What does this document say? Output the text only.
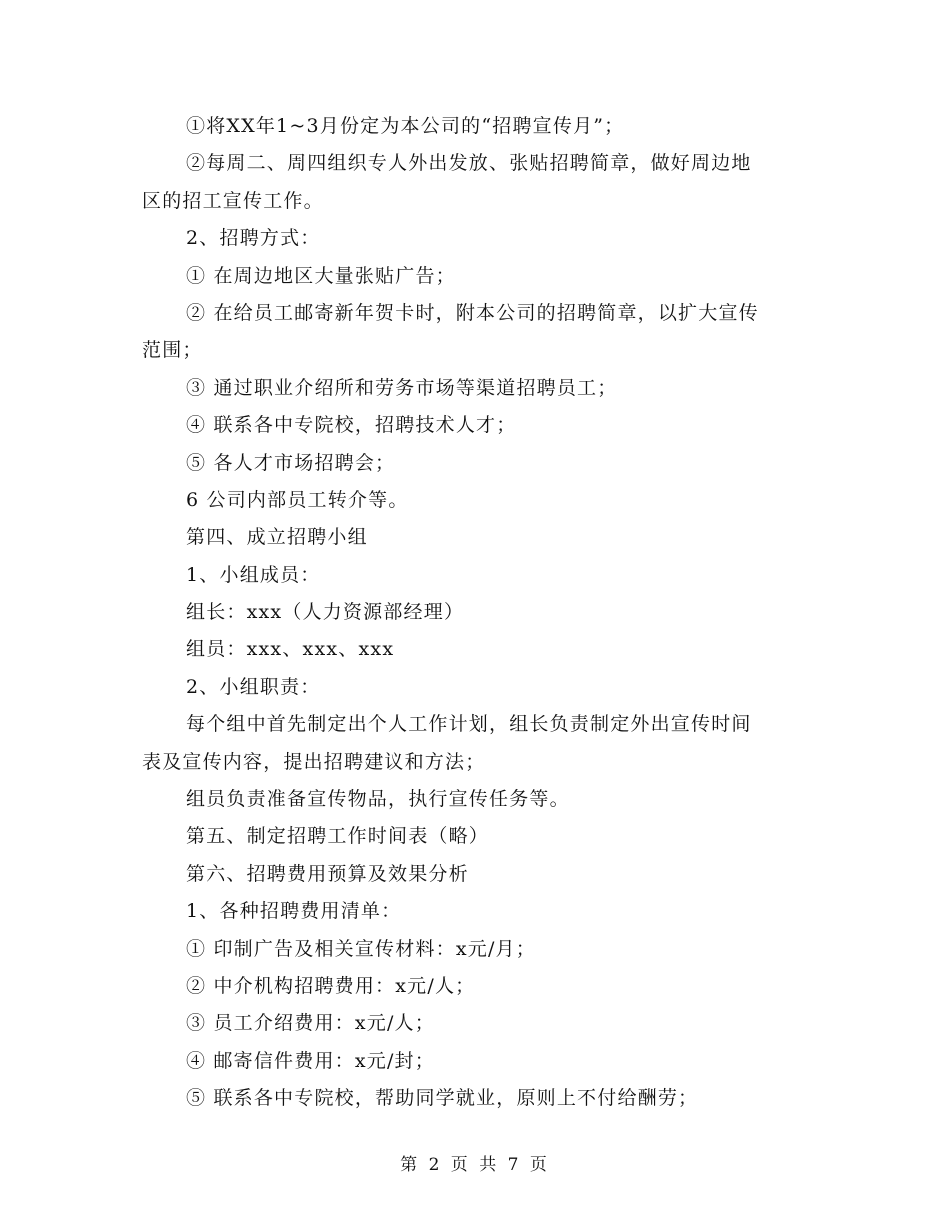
①将XX年1~3月份定为本公司的“招聘宣传月”；
②每周二、周四组织专人外出发放、张贴招聘简章，做好周边地
区的招工宣传工作。
2、招聘方式：
① 在周边地区大量张贴广告；
② 在给员工邮寄新年贺卡时，附本公司的招聘简章，以扩大宣传
范围；
③ 通过职业介绍所和劳务市场等渠道招聘员工；
④ 联系各中专院校，招聘技术人才；
⑤ 各人才市场招聘会；
6 公司内部员工转介等。
第四、成立招聘小组
1、小组成员：
组长：xxx（人力资源部经理）
组员：xxx、xxx、xxx
2、小组职责：
每个组中首先制定出个人工作计划，组长负责制定外出宣传时间
表及宣传内容，提出招聘建议和方法；
组员负责准备宣传物品，执行宣传任务等。
第五、制定招聘工作时间表（略）
第六、招聘费用预算及效果分析
1、各种招聘费用清单：
① 印制广告及相关宣传材料：x元/月；
② 中介机构招聘费用：x元/人；
③ 员工介绍费用：x元/人；
④ 邮寄信件费用：x元/封；
⑤ 联系各中专院校，帮助同学就业，原则上不付给酬劳；
第 2 页 共 7 页
